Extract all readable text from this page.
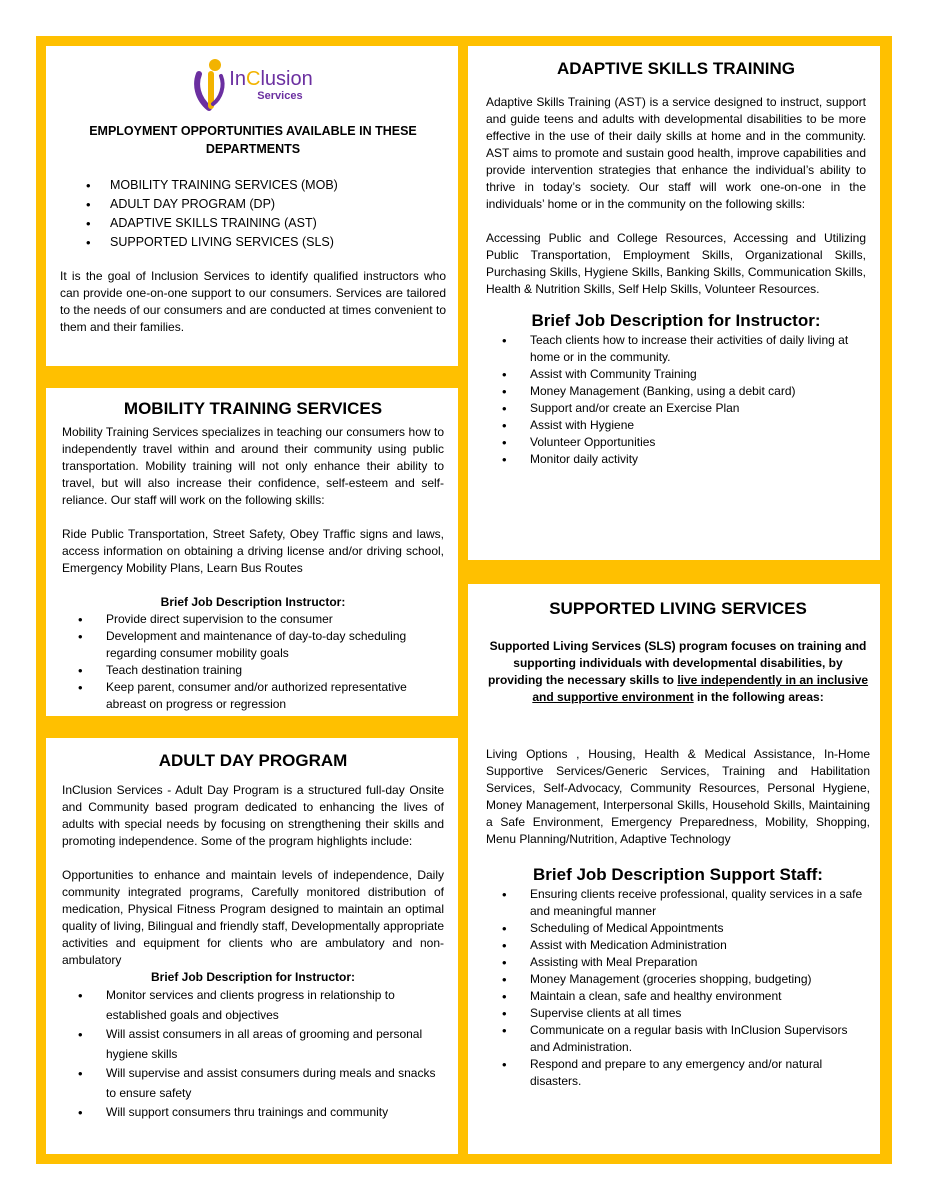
InClusion
Services
EMPLOYMENT OPPORTUNITIES AVAILABLE IN THESE DEPARTMENTS
• MOBILITY TRAINING SERVICES (MOB)
• ADULT DAY PROGRAM (DP)
• ADAPTIVE SKILLS TRAINING (AST)
• SUPPORTED LIVING SERVICES (SLS)

It is the goal of Inclusion Services to identify qualified instructors who can provide one-on-one support to our consumers. Services are tailored to the needs of our consumers and are conducted at times convenient to them and their families.

MOBILITY TRAINING SERVICES

Mobility Training Services specializes in teaching our consumers how to independently travel within and around their community using public transportation. Mobility training will not only enhance their ability to travel, but will also increase their confidence, self-esteem and self-reliance. Our staff will work on the following skills:

Ride Public Transportation, Street Safety, Obey Traffic signs and laws, access information on obtaining a driving license and/or driving school, Emergency Mobility Plans, Learn Bus Routes

Brief Job Description Instructor:
• Provide direct supervision to the consumer
• Development and maintenance of day-to-day scheduling regarding consumer mobility goals
• Teach destination training
• Keep parent, consumer and/or authorized representative abreast on progress or regression
ADULT DAY PROGRAM

InClusion Services - Adult Day Program is a structured full-day Onsite and Community based program dedicated to enhancing the lives of adults with special needs by focusing on strengthening their skills and promoting independence. Some of the program highlights include:

Opportunities to enhance and maintain levels of independence, Daily community integrated programs, Carefully monitored distribution of medication, Physical Fitness Program designed to maintain an optimal quality of living, Bilingual and friendly staff, Developmentally appropriate activities and equipment for clients who are ambulatory and non-ambulatory

Brief Job Description for Instructor:
• Monitor services and clients progress in relationship to established goals and objectives
• Will assist consumers in all areas of grooming and personal hygiene skills
• Will supervise and assist consumers during meals and snacks to ensure safety
• Will support consumers thru trainings and community
ADAPTIVE SKILLS TRAINING

Adaptive Skills Training (AST) is a service designed to instruct, support and guide teens and adults with developmental disabilities to be more effective in the use of their daily skills at home and in the community. AST aims to promote and sustain good health, improve capabilities and provide intervention strategies that enhance the individual’s ability to thrive in today’s society. Our staff will work one-on-one in the individuals’ home or in the community on the following skills:

Accessing Public and College Resources, Accessing and Utilizing Public Transportation, Employment Skills, Organizational Skills, Purchasing Skills, Hygiene Skills, Banking Skills, Communication Skills, Health & Nutrition Skills, Self Help Skills, Volunteer Resources.

Brief Job Description for Instructor:
• Teach clients how to increase their activities of daily living at home or in the community.
• Assist with Community Training
• Money Management (Banking, using a debit card)
• Support and/or create an Exercise Plan
• Assist with Hygiene
• Volunteer Opportunities
• Monitor daily activity
SUPPORTED LIVING SERVICES

Supported Living Services (SLS) program focuses on training and supporting individuals with developmental disabilities, by providing the necessary skills to live independently in an inclusive and supportive environment in the following areas:

Living Options , Housing, Health & Medical Assistance, In-Home Supportive Services/Generic Services, Training and Habilitation Services, Self-Advocacy, Community Resources, Personal Hygiene, Money Management, Interpersonal Skills, Household Skills, Maintaining a Safe Environment, Emergency Preparedness, Mobility, Shopping, Menu Planning/Nutrition, Adaptive Technology

Brief Job Description Support Staff:
• Ensuring clients receive professional, quality services in a safe and meaningful manner
• Scheduling of Medical Appointments
• Assist with Medication Administration
• Assisting with Meal Preparation
• Money Management (groceries shopping, budgeting)
• Maintain a clean, safe and healthy environment
• Supervise clients at all times
• Communicate on a regular basis with InClusion Supervisors and Administration.
• Respond and prepare to any emergency and/or natural disasters.
